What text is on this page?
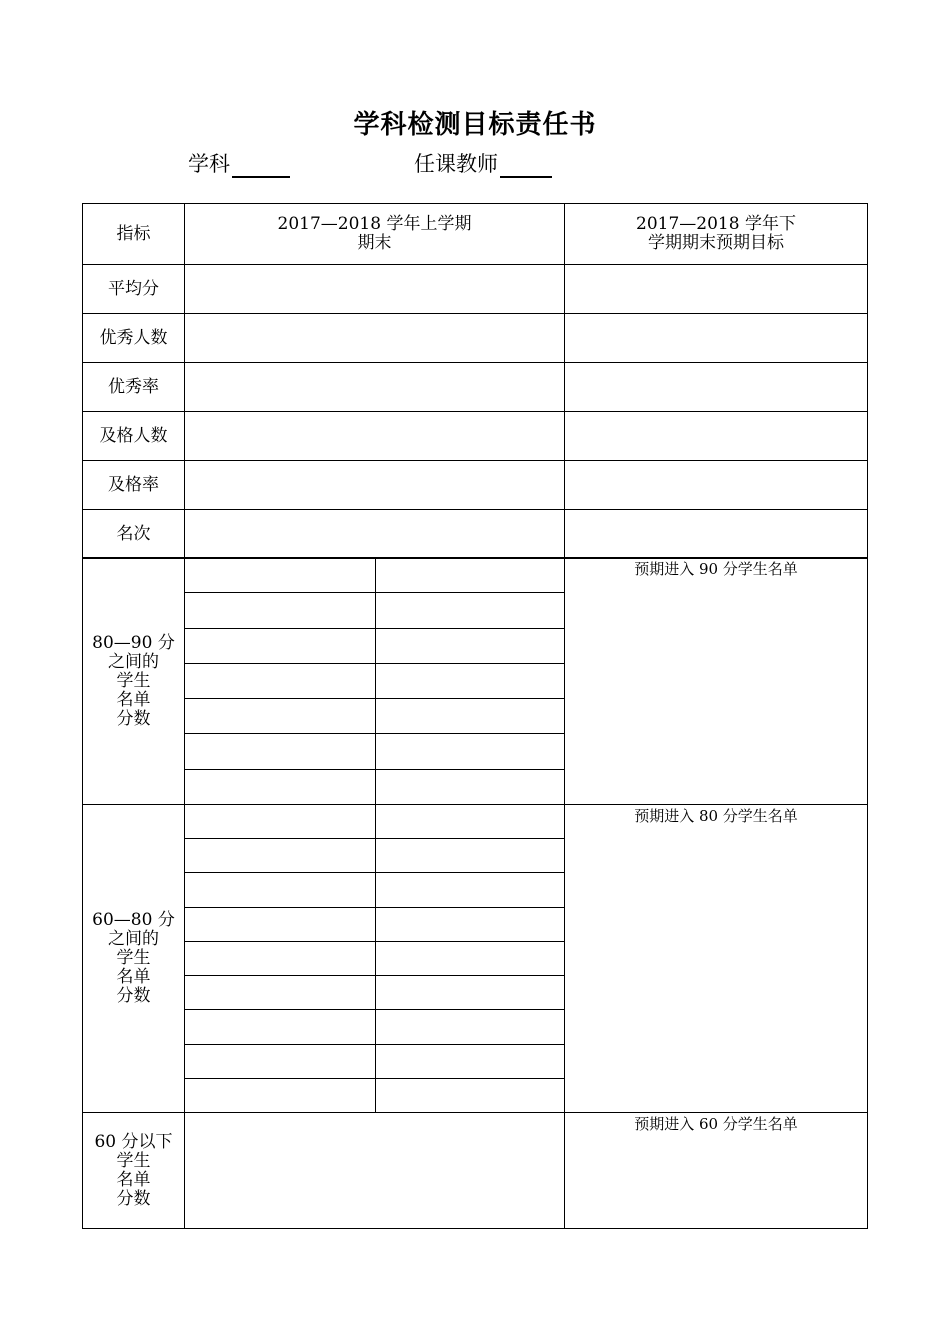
学科检测目标责任书
学科	任课教师
指标	2017—2018 学年上学期
期末
2017—2018 学年下
学期期末预期目标
平均分
优秀人数
优秀率
及格人数
及格率
名次
80—90 分
之间的
学生
名单
分数
预期进入 90 分学生名单
60—80 分
之间的
学生
名单
分数
预期进入 80 分学生名单
60 分以下
学生
名单
分数
预期进入 60 分学生名单
